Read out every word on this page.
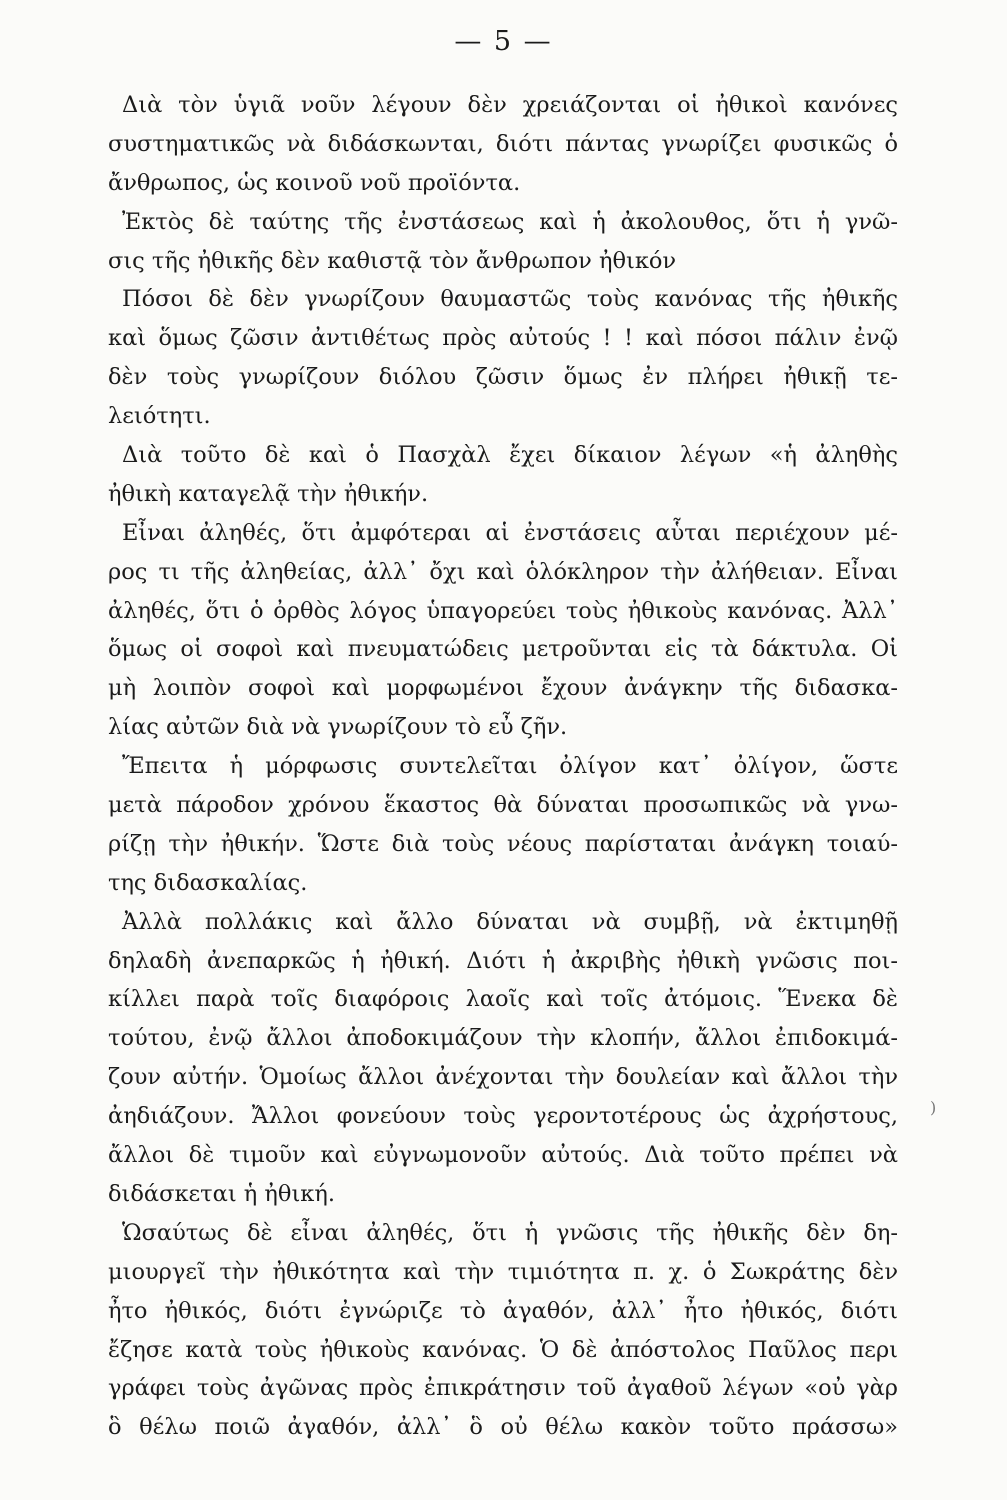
— 5 —
Διὰ τὸν ὑγιᾶ νοῦν λέγουν δὲν χρειάζονται οἱ ἠθικοὶ κανόνες
συστηματικῶς νὰ διδάσκωνται, διότι πάντας γνωρίζει φυσικῶς ὁ
ἄνθρωπος, ὡς κοινοῦ νοῦ προϊόντα.
Ἐκτὸς δὲ ταύτης τῆς ἐνστάσεως καὶ ἡ ἀκολουθος, ὅτι ἡ γνῶ-
σις τῆς ἠθικῆς δὲν καθιστᾷ τὸν ἄνθρωπον ἠθικόν
Πόσοι δὲ δὲν γνωρίζουν θαυμαστῶς τοὺς κανόνας τῆς ἠθικῆς
καὶ ὅμως ζῶσιν ἀντιθέτως πρὸς αὐτούς ! ! καὶ πόσοι πάλιν ἐνῷ
δὲν τοὺς γνωρίζουν διόλου ζῶσιν ὅμως ἐν πλήρει ἠθικῇ τε-
λειότητι.
Διὰ τοῦτο δὲ καὶ ὁ Πασχὰλ ἔχει δίκαιον λέγων «ἡ ἀληθὴς
ἠθικὴ καταγελᾷ τὴν ἠθικήν.
Εἶναι ἀληθές, ὅτι ἀμφότεραι αἱ ἐνστάσεις αὗται περιέχουν μέ-
ρος τι τῆς ἀληθείας, ἀλλ᾽ ὄχι καὶ ὁλόκληρον τὴν ἀλήθειαν. Εἶναι
ἀληθές, ὅτι ὁ ὀρθὸς λόγος ὑπαγορεύει τοὺς ἠθικοὺς κανόνας. Ἀλλ᾽
ὅμως οἱ σοφοὶ καὶ πνευματώδεις μετροῦνται εἰς τὰ δάκτυλα. Οἱ
μὴ λοιπὸν σοφοὶ καὶ μορφωμένοι ἔχουν ἀνάγκην τῆς διδασκα-
λίας αὐτῶν διὰ νὰ γνωρίζουν τὸ εὖ ζῆν.
Ἔπειτα ἡ μόρφωσις συντελεῖται ὀλίγον κατ᾽ ὀλίγον, ὥστε
μετὰ πάροδον χρόνου ἕκαστος θὰ δύναται προσωπικῶς νὰ γνω-
ρίζῃ τὴν ἠθικήν. Ὥστε διὰ τοὺς νέους παρίσταται ἀνάγκη τοιαύ-
της διδασκαλίας.
Ἀλλὰ πολλάκις καὶ ἄλλο δύναται νὰ συμβῇ, νὰ ἐκτιμηθῇ
δηλαδὴ ἀνεπαρκῶς ἡ ἠθική. Διότι ἡ ἀκριβὴς ἠθικὴ γνῶσις ποι-
κίλλει παρὰ τοῖς διαφόροις λαοῖς καὶ τοῖς ἀτόμοις. Ἕνεκα δὲ
τούτου, ἐνῷ ἄλλοι ἀποδοκιμάζουν τὴν κλοπήν, ἄλλοι ἐπιδοκιμά-
ζουν αὐτήν. Ὁμοίως ἄλλοι ἀνέχονται τὴν δουλείαν καὶ ἄλλοι τὴν
ἀηδιάζουν. Ἄλλοι φονεύουν τοὺς γεροντοτέρους ὡς ἀχρήστους,
ἄλλοι δὲ τιμοῦν καὶ εὐγνωμονοῦν αὐτούς. Διὰ τοῦτο πρέπει νὰ
διδάσκεται ἡ ἠθική.
Ὡσαύτως δὲ εἶναι ἀληθές, ὅτι ἡ γνῶσις τῆς ἠθικῆς δὲν δη-
μιουργεῖ τὴν ἠθικότητα καὶ τὴν τιμιότητα π. χ. ὁ Σωκράτης δὲν
ἦτο ἠθικός, διότι ἐγνώριζε τὸ ἀγαθόν, ἀλλ᾽ ἦτο ἠθικός, διότι
ἔζησε κατὰ τοὺς ἠθικοὺς κανόνας. Ὁ δὲ ἀπόστολος Παῦλος περι
γράφει τοὺς ἀγῶνας πρὸς ἐπικράτησιν τοῦ ἀγαθοῦ λέγων «οὐ γὰρ
ὃ θέλω ποιῶ ἀγαθόν, ἀλλ᾽ ὃ οὐ θέλω κακὸν τοῦτο πράσσω»
)
